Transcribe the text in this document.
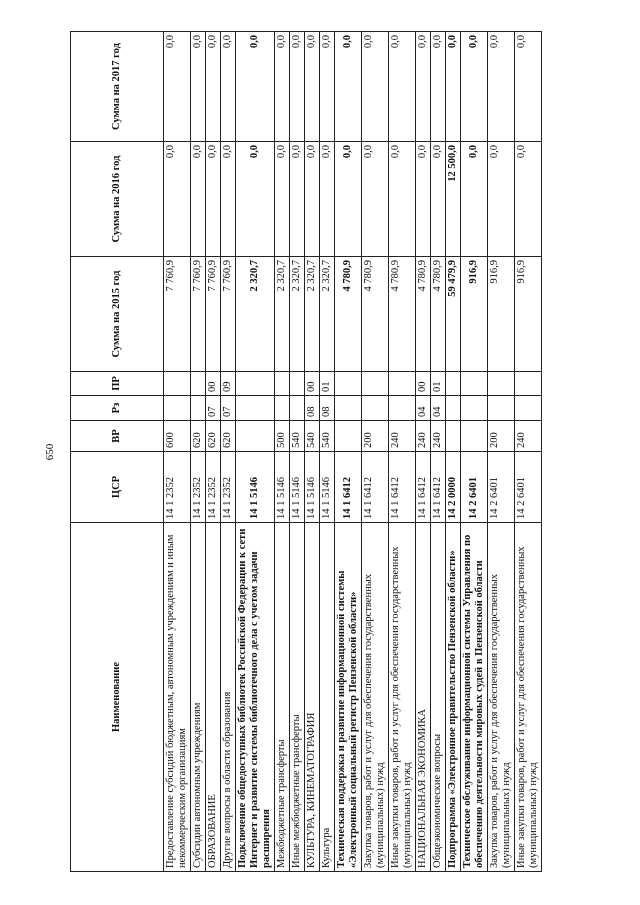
650
Наименование	ЦСР	ВР	Рз	ПР	Сумма на 2015 год	Сумма на 2016 год	Сумма на 2017 год
Предоставление субсидий бюджетным, автономным учреждениям и иным некоммерческим организациям	14 1 2352	600			7 760,9	0,0	0,0
Субсидии автономным учреждениям	14 1 2352	620			7 760,9	0,0	0,0
ОБРАЗОВАНИЕ	14 1 2352	620	07	00	7 760,9	0,0	0,0
Другие вопросы в области образования	14 1 2352	620	07	09	7 760,9	0,0	0,0
Подключение общедоступных библиотек Российской Федерации к сети Интернет и развитие системы библиотечного дела с учетом задачи расширения	14 1 5146				2 320,7	0,0	0,0
Межбюджетные трансферты	14 1 5146	500			2 320,7	0,0	0,0
Иные межбюджетные трансферты	14 1 5146	540			2 320,7	0,0	0,0
КУЛЬТУРА, КИНЕМАТОГРАФИЯ	14 1 5146	540	08	00	2 320,7	0,0	0,0
Культура	14 1 5146	540	08	01	2 320,7	0,0	0,0
Техническая поддержка и развитие информационной системы «Электронный социальный регистр Пензенской области»	14 1 6412				4 780,9	0,0	0,0
Закупка товаров, работ и услуг для обеспечения государственных (муниципальных) нужд	14 1 6412	200			4 780,9	0,0	0,0
Иные закупки товаров, работ и услуг для обеспечения государственных (муниципальных) нужд	14 1 6412	240			4 780,9	0,0	0,0
НАЦИОНАЛЬНАЯ ЭКОНОМИКА	14 1 6412	240	04	00	4 780,9	0,0	0,0
Общеэкономические вопросы	14 1 6412	240	04	01	4 780,9	0,0	0,0
Подпрограмма «Электронное правительство Пензенской области»	14 2 0000				59 479,9	12 500,0	0,0
Техническое обслуживание информационной системы Управления по обеспечению деятельности мировых судей в Пензенской области	14 2 6401				916,9	0,0	0,0
Закупка товаров, работ и услуг для обеспечения государственных (муниципальных) нужд	14 2 6401	200			916,9	0,0	0,0
Иные закупки товаров, работ и услуг для обеспечения государственных (муниципальных) нужд	14 2 6401	240			916,9	0,0	0,0
